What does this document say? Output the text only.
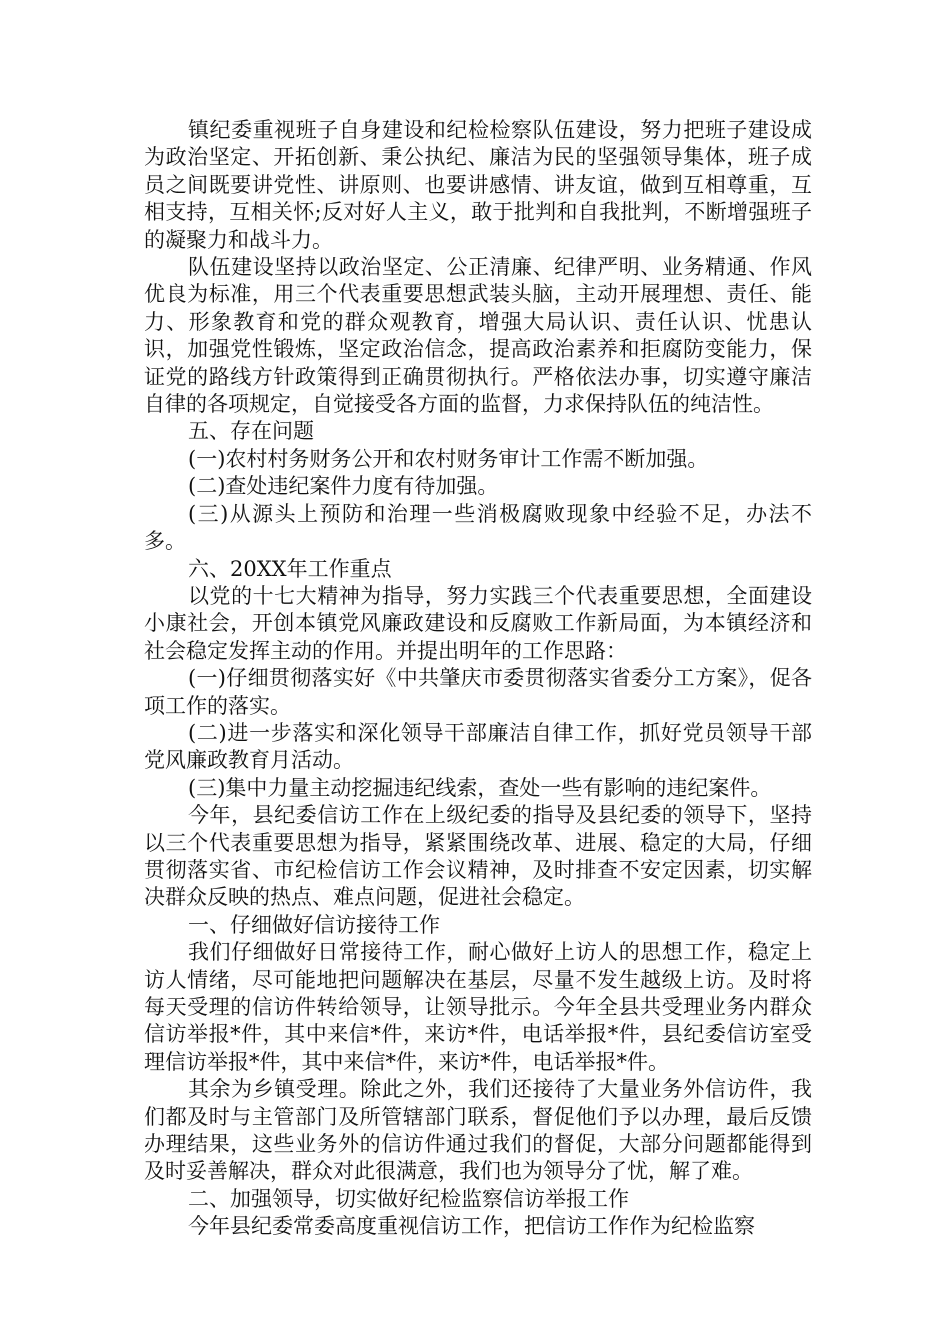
镇纪委重视班子自身建设和纪检检察队伍建设，努力把班子建设成为政治坚定、开拓创新、秉公执纪、廉洁为民的坚强领导集体，班子成员之间既要讲党性、讲原则、也要讲感情、讲友谊，做到互相尊重，互相支持，互相关怀;反对好人主义，敢于批判和自我批判，不断增强班子的凝聚力和战斗力。

队伍建设坚持以政治坚定、公正清廉、纪律严明、业务精通、作风优良为标准，用三个代表重要思想武装头脑，主动开展理想、责任、能力、形象教育和党的群众观教育，增强大局认识、责任认识、忧患认识，加强党性锻炼，坚定政治信念，提高政治素养和拒腐防变能力，保证党的路线方针政策得到正确贯彻执行。严格依法办事，切实遵守廉洁自律的各项规定，自觉接受各方面的监督，力求保持队伍的纯洁性。

五、存在问题

(一)农村村务财务公开和农村财务审计工作需不断加强。

(二)查处违纪案件力度有待加强。

(三)从源头上预防和治理一些消极腐败现象中经验不足，办法不多。

六、20XX年工作重点

以党的十七大精神为指导，努力实践三个代表重要思想，全面建设小康社会，开创本镇党风廉政建设和反腐败工作新局面，为本镇经济和社会稳定发挥主动的作用。并提出明年的工作思路：

(一)仔细贯彻落实好《中共肇庆市委贯彻落实省委分工方案》，促各项工作的落实。

(二)进一步落实和深化领导干部廉洁自律工作，抓好党员领导干部党风廉政教育月活动。

(三)集中力量主动挖掘违纪线索，查处一些有影响的违纪案件。

今年，县纪委信访工作在上级纪委的指导及县纪委的领导下，坚持以三个代表重要思想为指导，紧紧围绕改革、进展、稳定的大局，仔细贯彻落实省、市纪检信访工作会议精神，及时排查不安定因素，切实解决群众反映的热点、难点问题，促进社会稳定。

一、仔细做好信访接待工作

我们仔细做好日常接待工作，耐心做好上访人的思想工作，稳定上访人情绪，尽可能地把问题解决在基层，尽量不发生越级上访。及时将每天受理的信访件转给领导，让领导批示。今年全县共受理业务内群众信访举报*件，其中来信*件，来访*件，电话举报*件，县纪委信访室受理信访举报*件，其中来信*件，来访*件，电话举报*件。

其余为乡镇受理。除此之外，我们还接待了大量业务外信访件，我们都及时与主管部门及所管辖部门联系，督促他们予以办理，最后反馈办理结果，这些业务外的信访件通过我们的督促，大部分问题都能得到及时妥善解决，群众对此很满意，我们也为领导分了忧，解了难。

二、加强领导，切实做好纪检监察信访举报工作

今年县纪委常委高度重视信访工作，把信访工作作为纪检监察
